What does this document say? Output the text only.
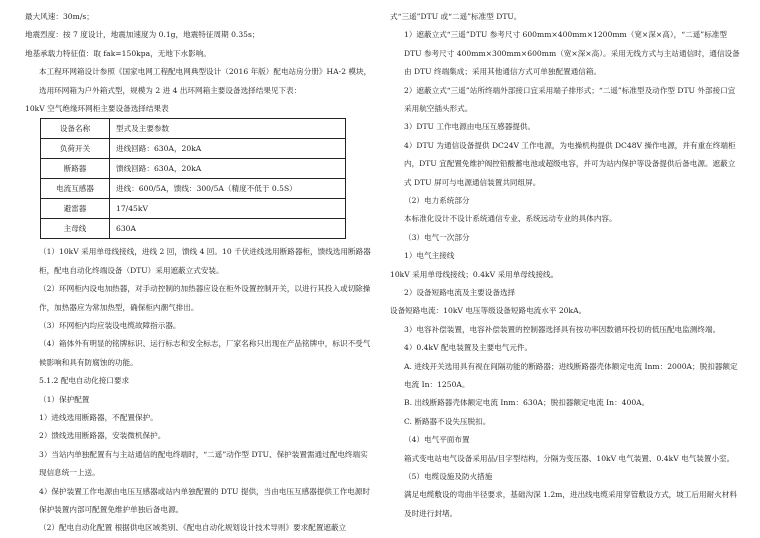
最大风速：30m/s；
地震烈度：按 7 度设计，地震加速度为 0.1g，地震特征周期 0.35s；
地基承载力特征值：取 fak=150kpa，无地下水影响。
本工程环网箱设计参照《国家电网工程配电网典型设计（2016 年版）配电站房分册》HA-2 模块，选用环网箱为户外箱式型，规模为 2 进 4 出环网箱主要设备选择结果见下表：
10kV 空气绝缘环网柜主要设备选择结果表
设备名称	型式及主要参数
负荷开关	进线回路：630A，20kA
断路器	馈线回路：630A，20kA
电流互感器	进线：600/5A，馈线：300/5A（精度不低于 0.5S）
避雷器	17/45kV
主母线	630A
（1）10kV 采用单母线接线，进线 2 回，馈线 4 回。10 千伏进线选用断路器柜，馈线选用断路器柜，配电自动化终端设备（DTU）采用遮蔽立式安装。
（2）环网柜内设电加热器，对手动控制的加热器应设在柜外设置控制开关，以进行其投入或切除操作，加热器应为常加热型，确保柜内潮气排出。
（3）环网柜内均应装设电缆故障指示器。
（4）箱体外有明显的铭牌标识、运行标志和安全标志，厂家名称只出现在产品铭牌中，标识不受气候影响和具有防腐蚀的功能。
5.1.2 配电自动化接口要求
（1）保护配置
1）进线选用断路器，不配置保护。
2）馈线选用断路器，安装微机保护。
3）当站内单独配置有与主站通信的配电终端时，“二遥”动作型 DTU、保护装置需通过配电终端实现信息统一上送。
4）保护装置工作电源由电压互感器或站内单独配置的 DTU 提供，当由电压互感器提供工作电源时保护装置内部可配置免维护单独后备电源。
（2）配电自动化配置 根据供电区域类别、《配电自动化规划设计技术导则》要求配置遮蔽立
式“三遥”DTU 或“二遥”标准型 DTU。
1）遮蔽立式“三遥”DTU 参考尺寸 600mm×400mm×1200mm（宽×深×高），“二遥”标准型 DTU 参考尺寸 400mm×300mm×600mm（宽×深×高）。采用无线方式与主站通信时，通信设备由 DTU 终端集成；采用其他通信方式可单独配置通信箱。
2）遮蔽立式“三遥”站所终端外部接口宜采用端子排形式；“二遥”标准型及动作型 DTU 外部接口宜采用航空插头形式。
3）DTU 工作电源由电压互感器提供。
4）DTU 为通信设备提供 DC24V 工作电源，为电操机构提供 DC48V 操作电源，并有重在终端柜内，DTU 宜配置免维护阀控铅酸蓄电池或超级电容，并可为站内保护等设备提供后备电源。遮蔽立式 DTU 屏可与电源通信装置共同组屏。
（2）电力系统部分
本标准化设计不设计系统通信专业、系统远动专业的具体内容。
（3）电气一次部分
1）电气主接线
10kV 采用单母线接线；0.4kV 采用单母线接线。
2）设备短路电流及主要设备选择
设备短路电流：10kV 电压等级设备短路电流水平 20kA。
3）电容补偿装置，电容补偿装置的控制器选择具有按功率因数循环投切的低压配电监测终端。
4）0.4kV 配电装置及主要电气元件。
A. 进线开关选用具有视在间隔功能的断路器；进线断路器壳体额定电流 Inm：2000A；脱扣器额定电流 In：1250A。
B. 出线断路器壳体额定电流 Inm：630A；脱扣器额定电流 In：400A。
C. 断路器不设失压脱扣。
（4）电气平面布置
箱式变电站电气设备采用品/目字型结构，分隔为变压器、10kV 电气装置、0.4kV 电气装置小室。
（5）电缆设施及防火措施
满足电缆敷设的弯曲半径要求，基础沟深 1.2m，进出线电缆采用穿管敷设方式，坡工后用耐火材料及时进行封堵。
